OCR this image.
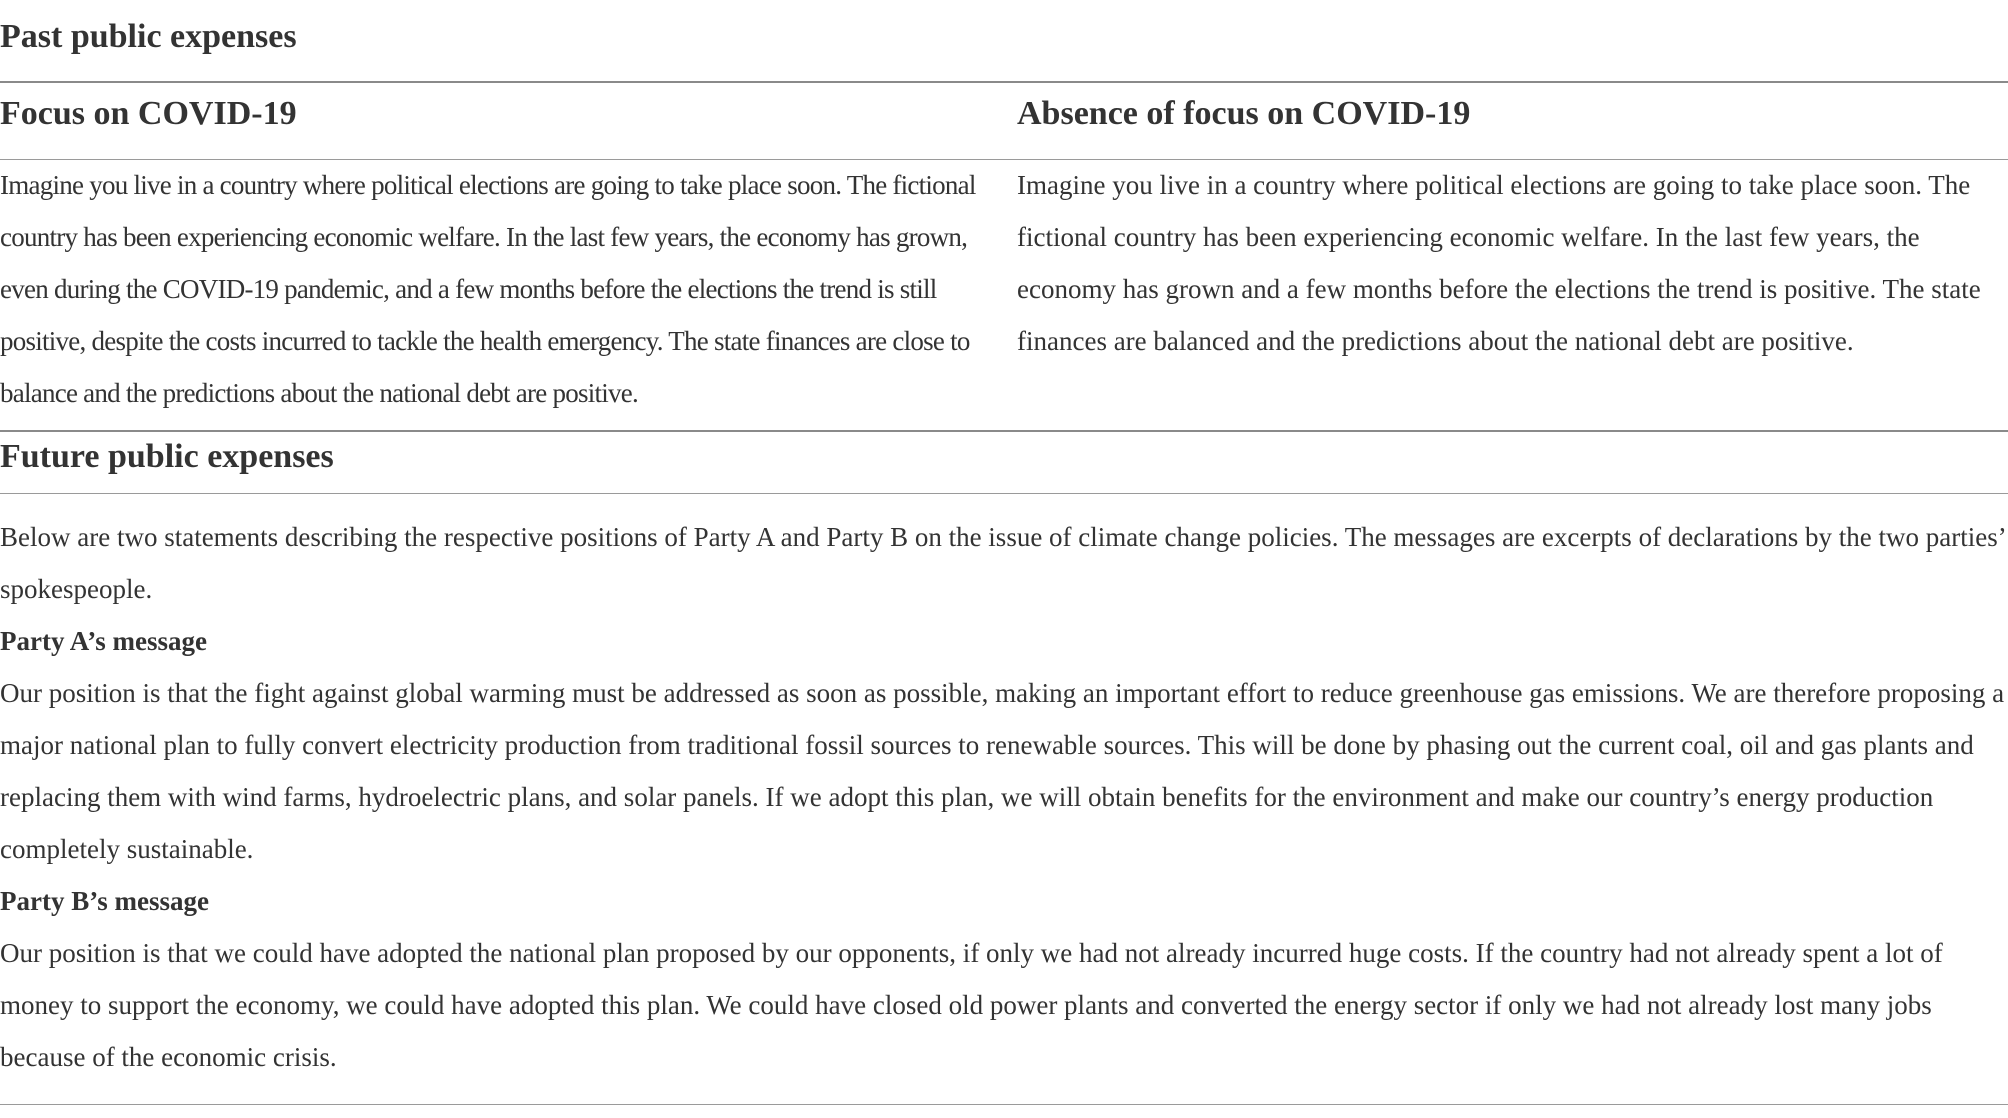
Past public expenses
Focus on COVID-19	Absence of focus on COVID-19

Imagine you live in a country where political elections are going to take place soon. The fictional country has been experiencing economic welfare. In the last few years, the economy has grown, even during the COVID-19 pandemic, and a few months before the elections the trend is still positive, despite the costs incurred to tackle the health emergency. The state finances are close to balance and the predictions about the national debt are positive.

Imagine you live in a country where political elections are going to take place soon. The fictional country has been experiencing economic welfare. In the last few years, the economy has grown and a few months before the elections the trend is positive. The state finances are balanced and the predictions about the national debt are positive.

Future public expenses

Below are two statements describing the respective positions of Party A and Party B on the issue of climate change policies. The messages are excerpts of declarations by the two parties’ spokespeople.

Party A’s message

Our position is that the fight against global warming must be addressed as soon as possible, making an important effort to reduce greenhouse gas emissions. We are therefore proposing a major national plan to fully convert electricity production from traditional fossil sources to renewable sources. This will be done by phasing out the current coal, oil and gas plants and replacing them with wind farms, hydroelectric plans, and solar panels. If we adopt this plan, we will obtain benefits for the environment and make our country’s energy production completely sustainable.

Party B’s message

Our position is that we could have adopted the national plan proposed by our opponents, if only we had not already incurred huge costs. If the country had not already spent a lot of money to support the economy, we could have adopted this plan. We could have closed old power plants and converted the energy sector if only we had not already lost many jobs because of the economic crisis.
